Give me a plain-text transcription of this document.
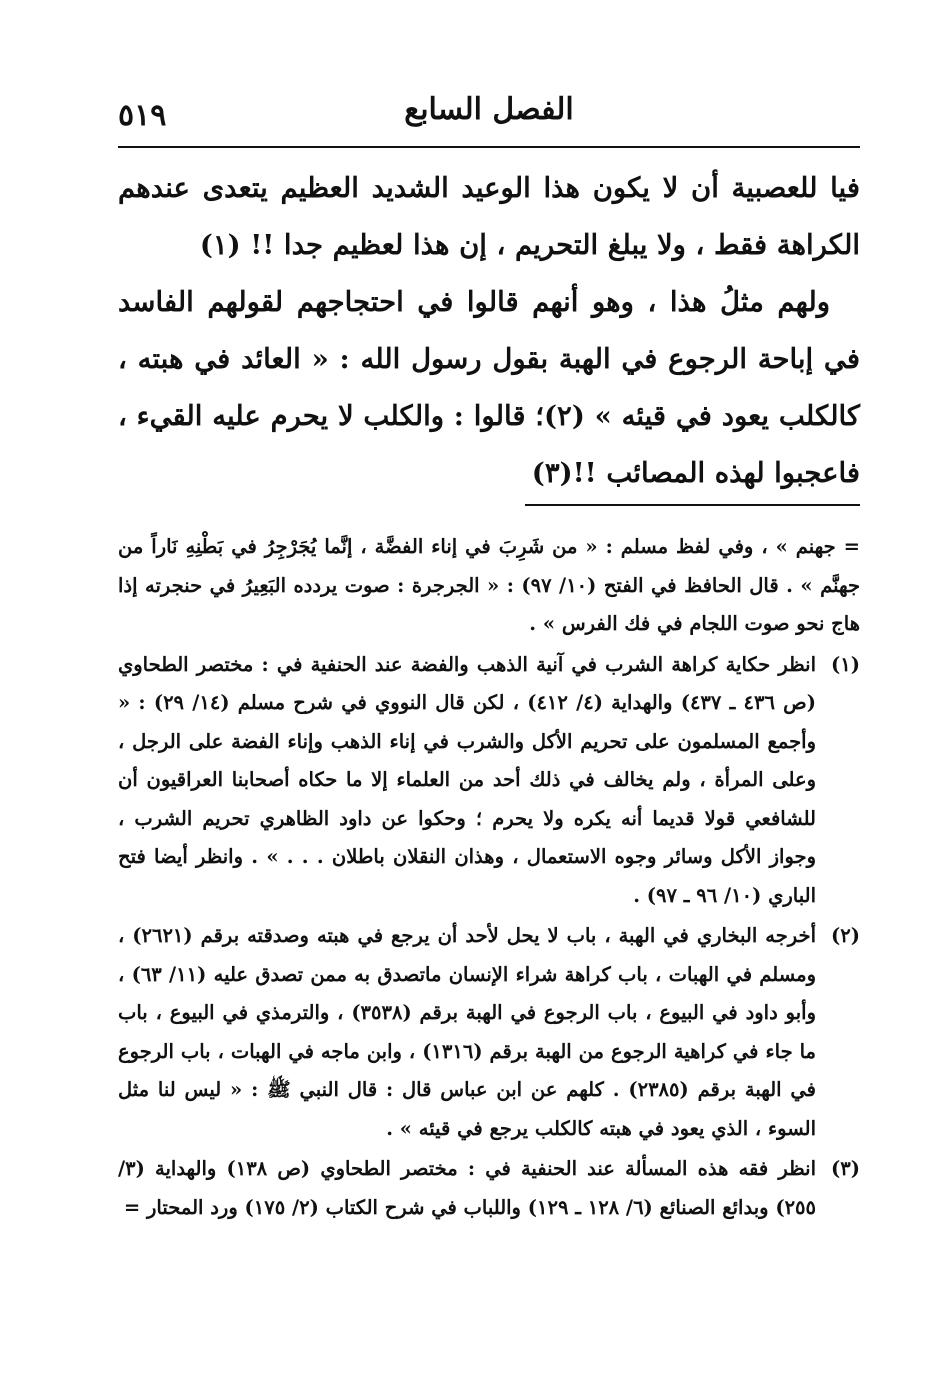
الفصل السابع
٥١٩

فيا للعصبية أن لا يكون هذا الوعيد الشديد العظيم يتعدى عندهم الكراهة فقط ، ولا يبلغ التحريم ، إن هذا لعظيم جدا !! (١)

ولهم مثلُ هذا ، وهو أنهم قالوا في احتجاجهم لقولهم الفاسد في إباحة الرجوع في الهبة بقول رسول الله : « العائد في هبته ، كالكلب يعود في قيئه » (٢)؛ قالوا : والكلب لا يحرم عليه القيء ، فاعجبوا لهذه المصائب !!(٣)

= جهنم » ، وفي لفظ مسلم : « من شَرِبَ في إناء الفضَّة ، إنَّما يُجَرْجِرُ في بَطْنِهِ نَاراً من جهنَّم » . قال الحافظ في الفتح (١٠/ ٩٧) : « الجرجرة : صوت يردده البَعِيرُ في حنجرته إذا هاج نحو صوت اللجام في فك الفرس » .

(١)

انظر حكاية كراهة الشرب في آنية الذهب والفضة عند الحنفية في : مختصر الطحاوي (ص ٤٣٦ ـ ٤٣٧) والهداية (٤/ ٤١٢) ، لكن قال النووي في شرح مسلم (١٤/ ٢٩) : « وأجمع المسلمون على تحريم الأكل والشرب في إناء الذهب وإناء الفضة على الرجل ، وعلى المرأة ، ولم يخالف في ذلك أحد من العلماء إلا ما حكاه أصحابنا العراقيون أن للشافعي قولا قديما أنه يكره ولا يحرم ؛ وحكوا عن داود الظاهري تحريم الشرب ، وجواز الأكل وسائر وجوه الاستعمال ، وهذان النقلان باطلان . . . » . وانظر أيضا فتح الباري (١٠/ ٩٦ ـ ٩٧) .

(٢)

أخرجه البخاري في الهبة ، باب لا يحل لأحد أن يرجع في هبته وصدقته برقم (٢٦٢١) ، ومسلم في الهبات ، باب كراهة شراء الإنسان ماتصدق به ممن تصدق عليه (١١/ ٦٣) ، وأبو داود في البيوع ، باب الرجوع في الهبة برقم (٣٥٣٨) ، والترمذي في البيوع ، باب ما جاء في كراهية الرجوع من الهبة برقم (١٣١٦) ، وابن ماجه في الهبات ، باب الرجوع في الهبة برقم (٢٣٨٥) . كلهم عن ابن عباس قال : قال النبي ﷺ : « ليس لنا مثل السوء ، الذي يعود في هبته كالكلب يرجع في قيئه » .

(٣)

انظر فقه هذه المسألة عند الحنفية في : مختصر الطحاوي (ص ١٣٨) والهداية (٣/ ٢٥٥) وبدائع الصنائع (٦/ ١٢٨ ـ ١٢٩) واللباب في شرح الكتاب (٢/ ١٧٥) ورد المحتار =
